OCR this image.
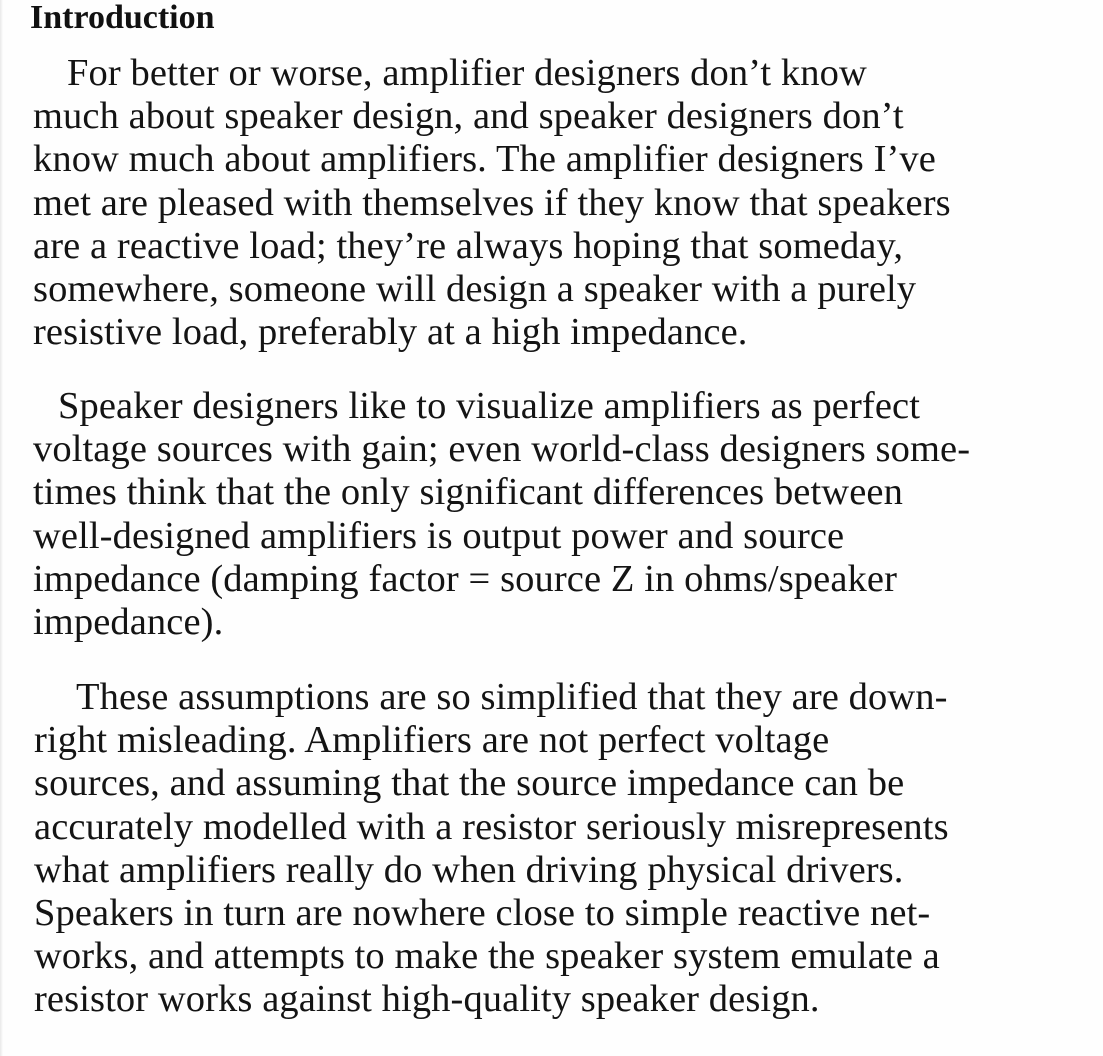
Introduction
For better or worse, amplifier designers don’t know
much about speaker design, and speaker designers don’t
know much about amplifiers. The amplifier designers I’ve
met are pleased with themselves if they know that speakers
are a reactive load; they’re always hoping that someday,
somewhere, someone will design a speaker with a purely
resistive load, preferably at a high impedance.
Speaker designers like to visualize amplifiers as perfect
voltage sources with gain; even world-class designers some-
times think that the only significant differences between
well-designed amplifiers is output power and source
impedance (damping factor = source Z in ohms/speaker
impedance).
These assumptions are so simplified that they are down-
right misleading. Amplifiers are not perfect voltage
sources, and assuming that the source impedance can be
accurately modelled with a resistor seriously misrepresents
what amplifiers really do when driving physical drivers.
Speakers in turn are nowhere close to simple reactive net-
works, and attempts to make the speaker system emulate a
resistor works against high-quality speaker design.
